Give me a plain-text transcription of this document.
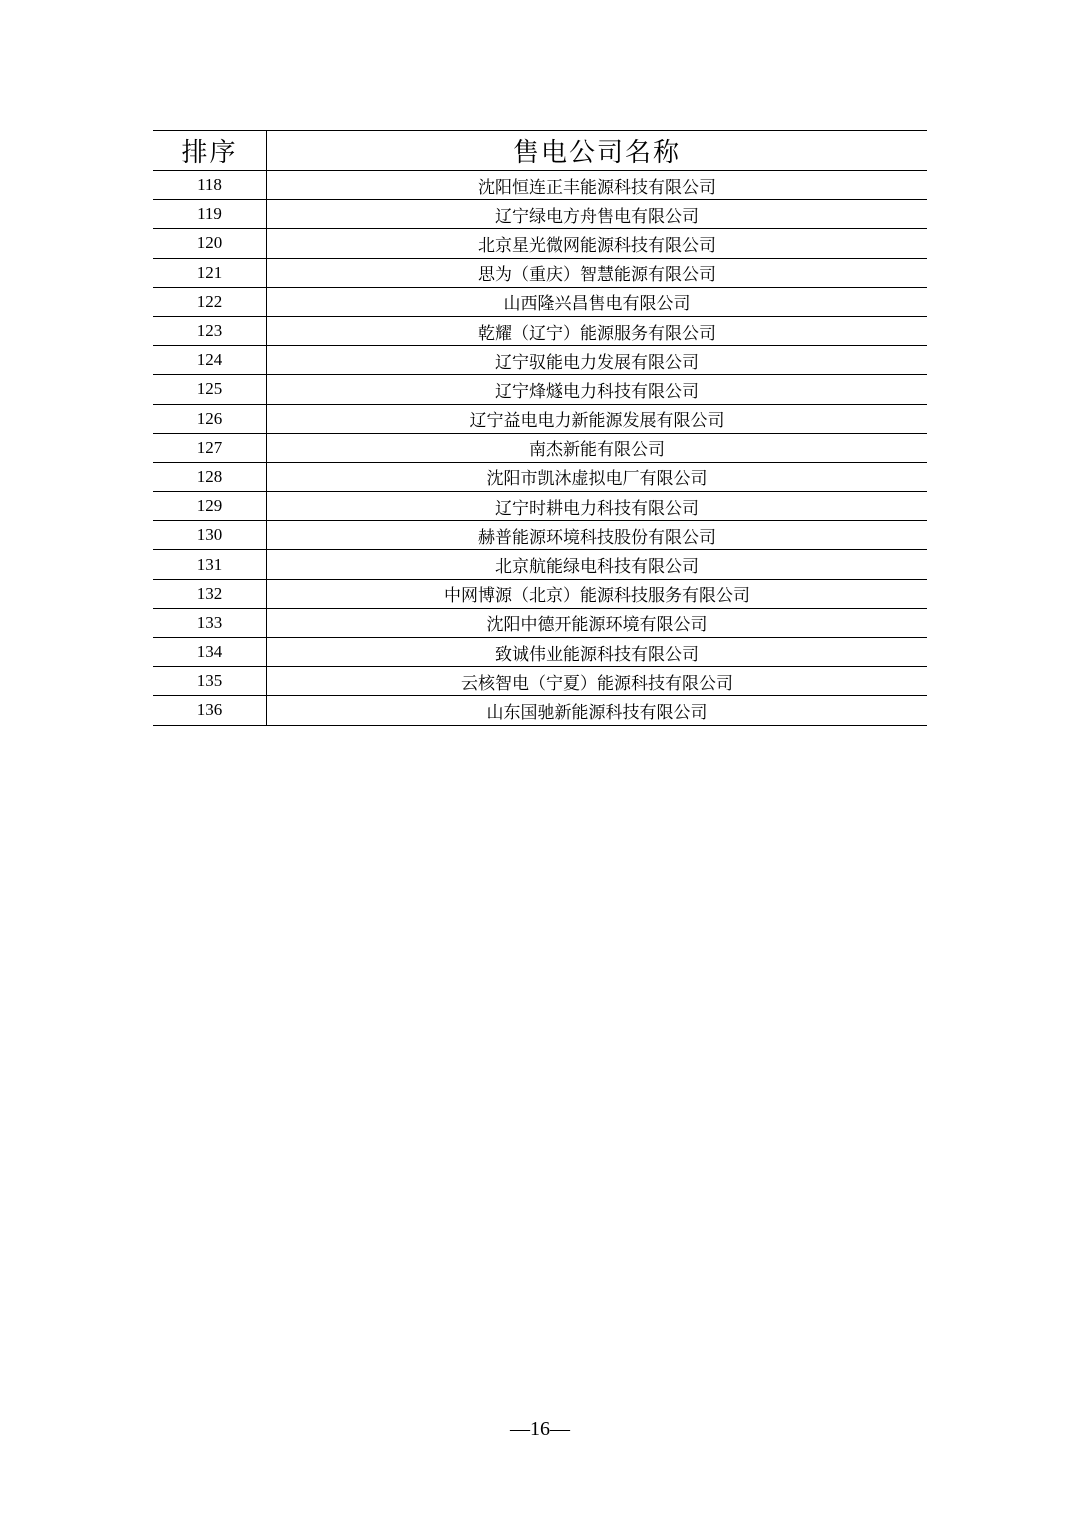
排序	售电公司名称
118	沈阳恒连正丰能源科技有限公司
119	辽宁绿电方舟售电有限公司
120	北京星光微网能源科技有限公司
121	思为（重庆）智慧能源有限公司
122	山西隆兴昌售电有限公司
123	乾耀（辽宁）能源服务有限公司
124	辽宁驭能电力发展有限公司
125	辽宁烽燧电力科技有限公司
126	辽宁益电电力新能源发展有限公司
127	南杰新能有限公司
128	沈阳市凯沐虚拟电厂有限公司
129	辽宁时耕电力科技有限公司
130	赫普能源环境科技股份有限公司
131	北京航能绿电科技有限公司
132	中网博源（北京）能源科技服务有限公司
133	沈阳中德开能源环境有限公司
134	致诚伟业能源科技有限公司
135	云核智电（宁夏）能源科技有限公司
136	山东国驰新能源科技有限公司
—16—
